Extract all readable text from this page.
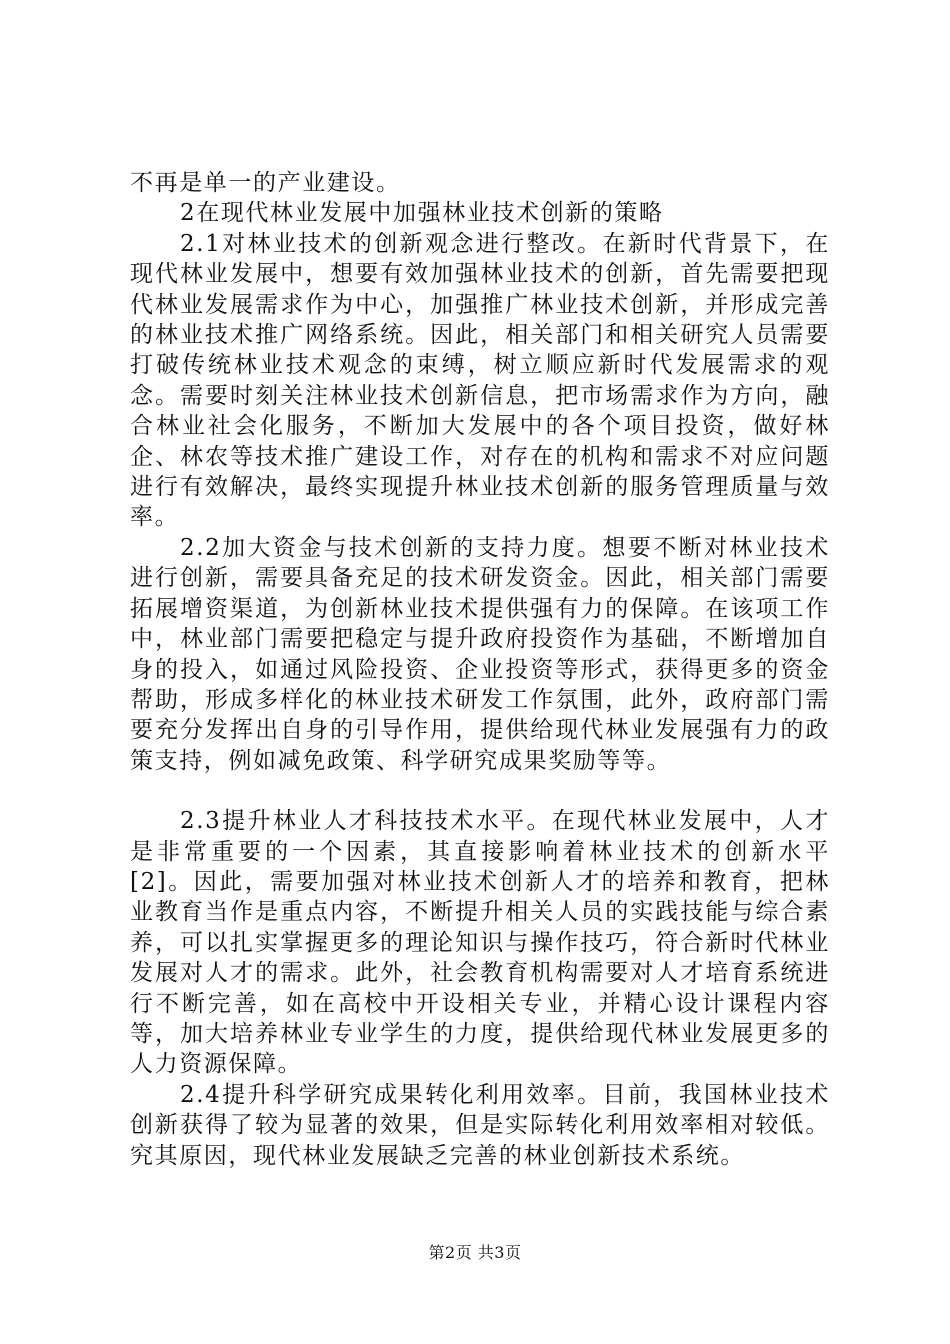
不再是单一的产业建设。

2在现代林业发展中加强林业技术创新的策略

2.1对林业技术的创新观念进行整改。在新时代背景下，在现代林业发展中，想要有效加强林业技术的创新，首先需要把现代林业发展需求作为中心，加强推广林业技术创新，并形成完善的林业技术推广网络系统。因此，相关部门和相关研究人员需要打破传统林业技术观念的束缚，树立顺应新时代发展需求的观念。需要时刻关注林业技术创新信息，把市场需求作为方向，融合林业社会化服务，不断加大发展中的各个项目投资，做好林企、林农等技术推广建设工作，对存在的机构和需求不对应问题进行有效解决，最终实现提升林业技术创新的服务管理质量与效率。

2.2加大资金与技术创新的支持力度。想要不断对林业技术进行创新，需要具备充足的技术研发资金。因此，相关部门需要拓展增资渠道，为创新林业技术提供强有力的保障。在该项工作中，林业部门需要把稳定与提升政府投资作为基础，不断增加自身的投入，如通过风险投资、企业投资等形式，获得更多的资金帮助，形成多样化的林业技术研发工作氛围，此外，政府部门需要充分发挥出自身的引导作用，提供给现代林业发展强有力的政策支持，例如减免政策、科学研究成果奖励等等。

2.3提升林业人才科技技术水平。在现代林业发展中，人才是非常重要的一个因素，其直接影响着林业技术的创新水平[2]。因此，需要加强对林业技术创新人才的培养和教育，把林业教育当作是重点内容，不断提升相关人员的实践技能与综合素养，可以扎实掌握更多的理论知识与操作技巧，符合新时代林业发展对人才的需求。此外，社会教育机构需要对人才培育系统进行不断完善，如在高校中开设相关专业，并精心设计课程内容等，加大培养林业专业学生的力度，提供给现代林业发展更多的人力资源保障。

2.4提升科学研究成果转化利用效率。目前，我国林业技术创新获得了较为显著的效果，但是实际转化利用效率相对较低。究其原因，现代林业发展缺乏完善的林业创新技术系统。

第2页 共3页
